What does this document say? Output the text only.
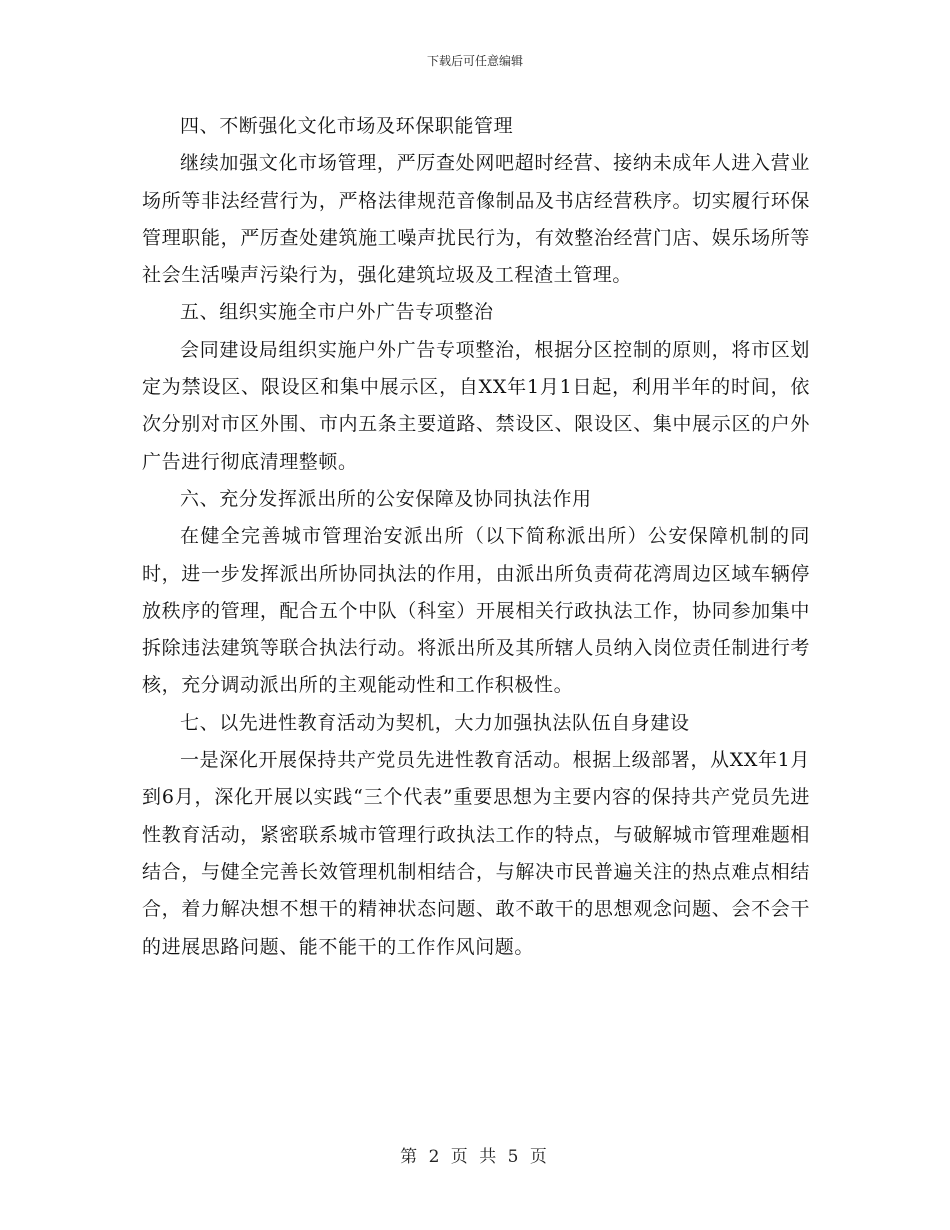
下载后可任意编辑

四、不断强化文化市场及环保职能管理

继续加强文化市场管理，严厉查处网吧超时经营、接纳未成年人进入营业场所等非法经营行为，严格法律规范音像制品及书店经营秩序。切实履行环保管理职能，严厉查处建筑施工噪声扰民行为，有效整治经营门店、娱乐场所等社会生活噪声污染行为，强化建筑垃圾及工程渣土管理。

五、组织实施全市户外广告专项整治

会同建设局组织实施户外广告专项整治，根据分区控制的原则，将市区划定为禁设区、限设区和集中展示区，自XX年1月1日起，利用半年的时间，依次分别对市区外围、市内五条主要道路、禁设区、限设区、集中展示区的户外广告进行彻底清理整顿。

六、充分发挥派出所的公安保障及协同执法作用

在健全完善城市管理治安派出所（以下简称派出所）公安保障机制的同时，进一步发挥派出所协同执法的作用，由派出所负责荷花湾周边区域车辆停放秩序的管理，配合五个中队（科室）开展相关行政执法工作，协同参加集中拆除违法建筑等联合执法行动。将派出所及其所辖人员纳入岗位责任制进行考核，充分调动派出所的主观能动性和工作积极性。

七、以先进性教育活动为契机，大力加强执法队伍自身建设

一是深化开展保持共产党员先进性教育活动。根据上级部署，从XX年1月到6月，深化开展以实践“三个代表”重要思想为主要内容的保持共产党员先进性教育活动，紧密联系城市管理行政执法工作的特点，与破解城市管理难题相结合，与健全完善长效管理机制相结合，与解决市民普遍关注的热点难点相结合，着力解决想不想干的精神状态问题、敢不敢干的思想观念问题、会不会干的进展思路问题、能不能干的工作作风问题。

第 2 页 共 5 页
